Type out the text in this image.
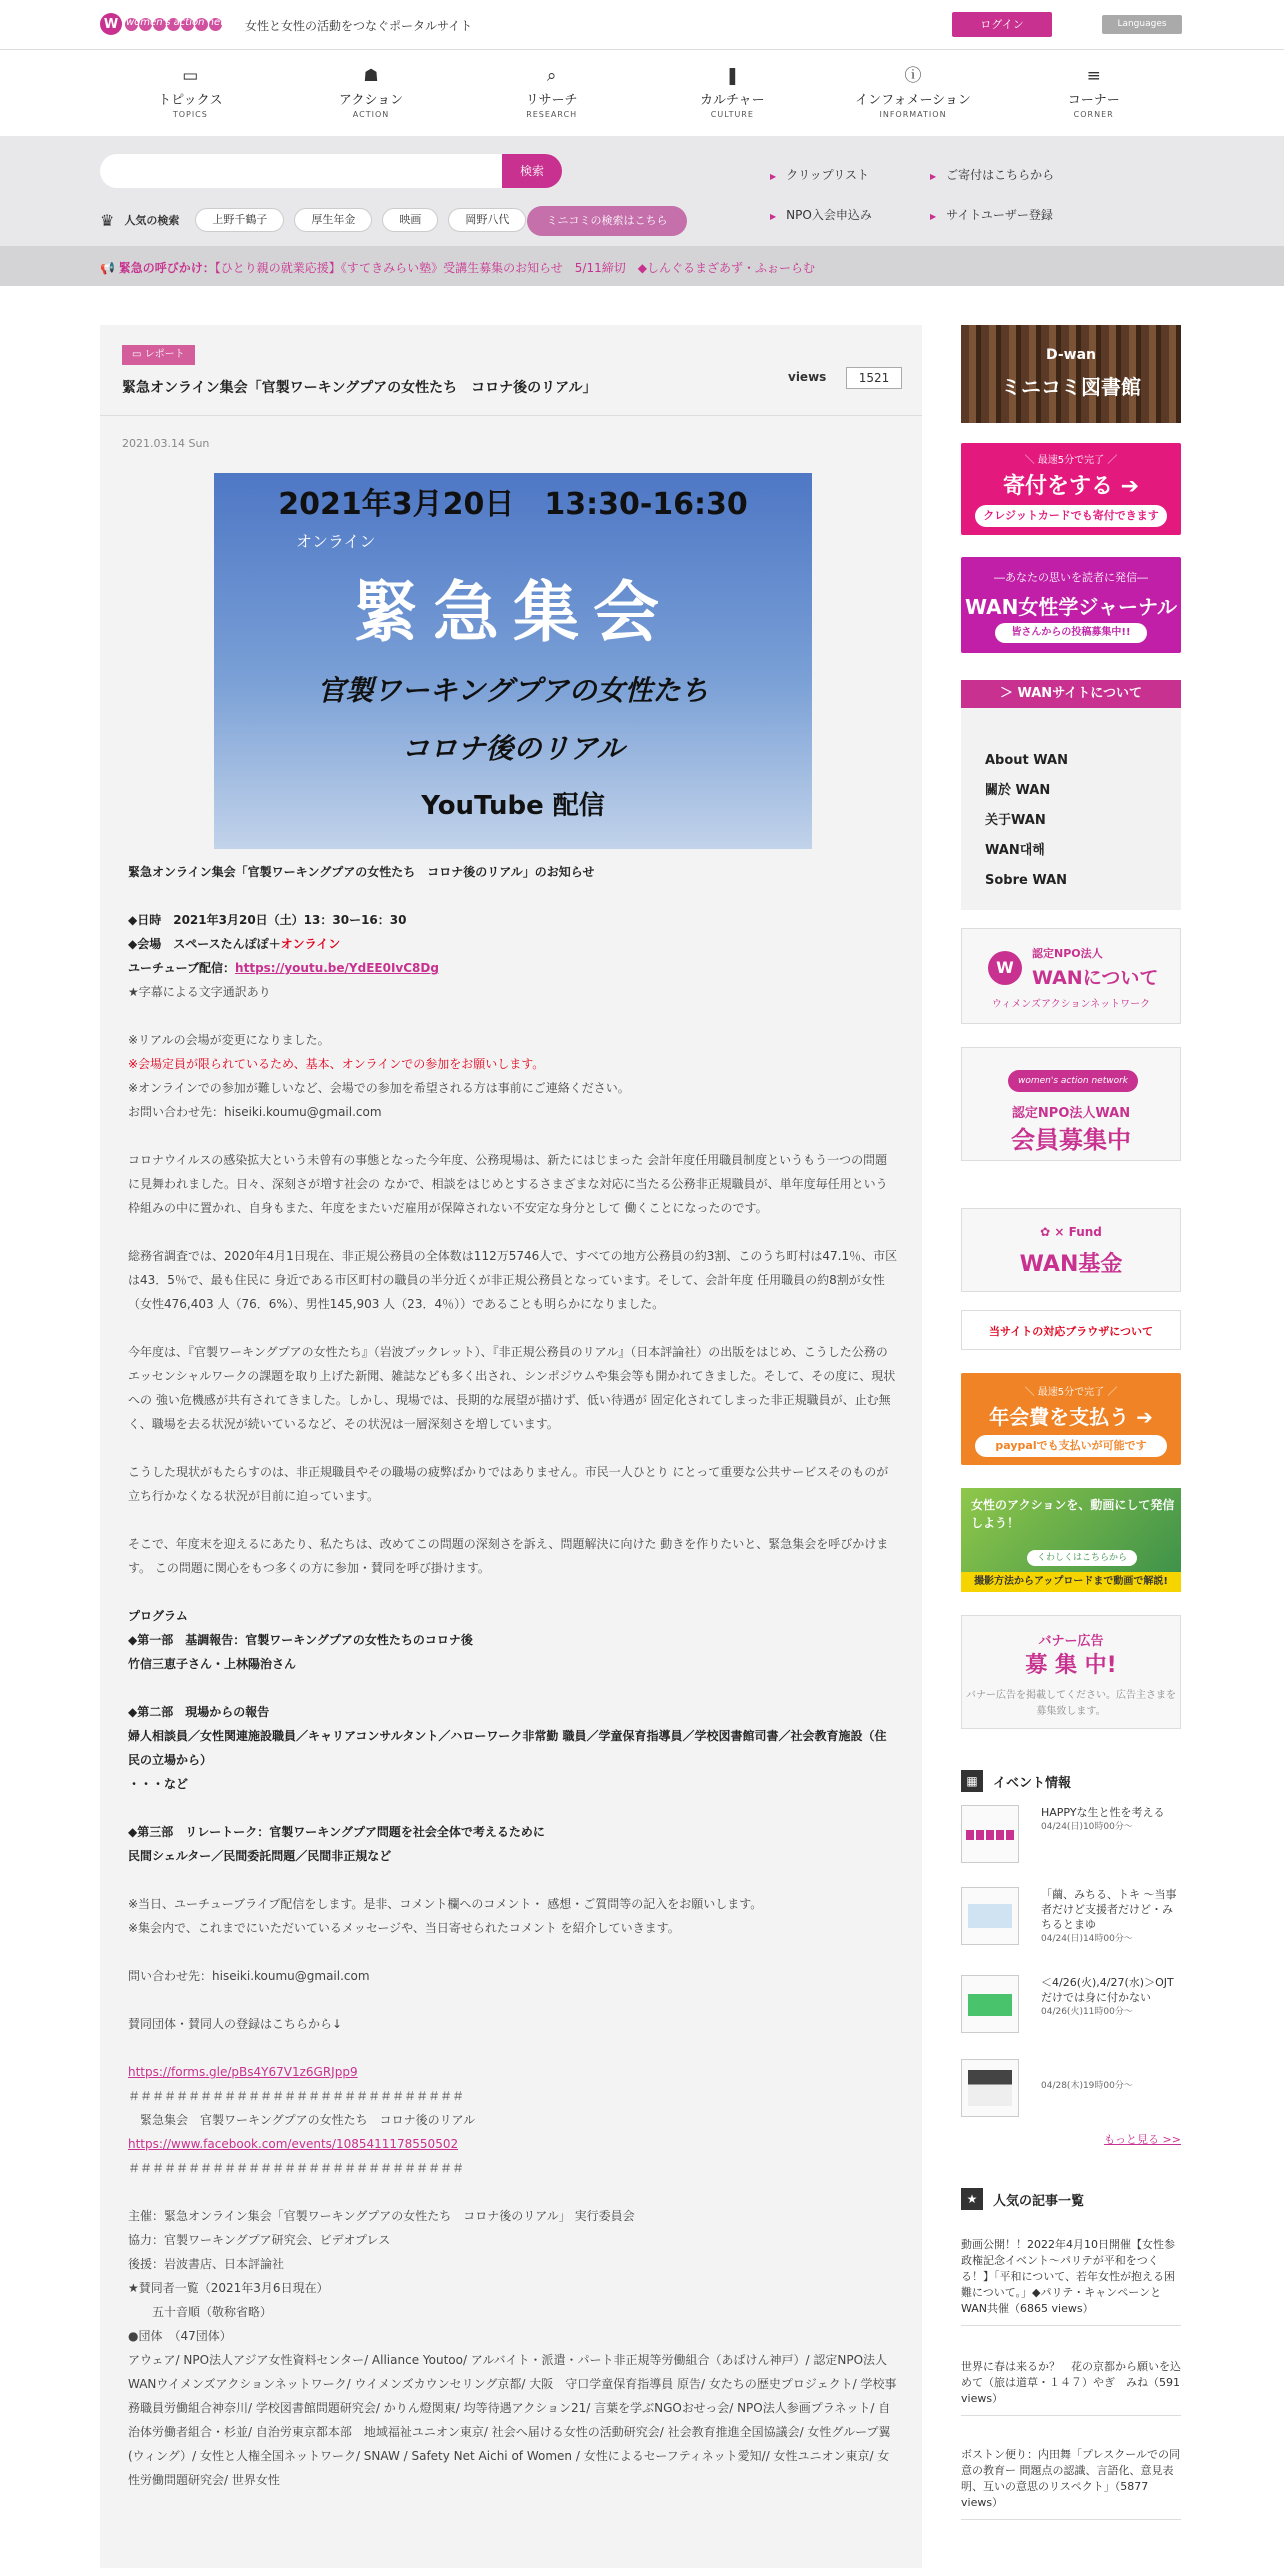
W women's action network
女性と女性の活動をつなぐポータルサイト	ログイン	Languages
▭
トピックス
TOPICS
☗
アクション
ACTION
⌕
リサーチ
RESEARCH
❚
カルチャー
CULTURE
ⓘ
インフォメーション
INFORMATION
≡
コーナー
CORNER
検索
♛ 人気の検索	上野千鶴子	厚生年金	映画	岡野八代	ミニコミの検索はこちら
▶ クリップリスト	▶ ご寄付はこちらから
▶ NPO入会申込み	▶ サイトユーザー登録
📢 緊急の呼びかけ：【ひとり親の就業応援】《すてきみらい塾》受講生募集のお知らせ　5/11締切　◆しんぐるまざあず・ふぉーらむ
▭ レポート
緊急オンライン集会「官製ワーキングプアの女性たち　コロナ後のリアル」
views	1521
2021.03.14 Sun
2021年3月20日　13:30-16:30
オンライン
緊急集会
官製ワーキングプアの女性たち
コロナ後のリアル
YouTube 配信

緊急オンライン集会「官製ワーキングプアの女性たち　コロナ後のリアル」のお知らせ

◆日時　2021年3月20日（土）13：30ー16：30

◆会場　スペースたんぽぽ＋オンライン

ユーチューブ配信：https://youtu.be/YdEE0IvC8Dg

★字幕による文字通訳あり

※リアルの会場が変更になりました。

※会場定員が限られているため、基本、オンラインでの参加をお願いします。

※オンラインでの参加が難しいなど、会場での参加を希望される方は事前にご連絡ください。

お問い合わせ先：hiseiki.koumu@gmail.com

コロナウイルスの感染拡大という未曾有の事態となった今年度、公務現場は、新たにはじまった 会計年度任用職員制度というもう一つの問題に見舞われました。日々、深刻さが増す社会の なかで、相談をはじめとするさまざまな対応に当たる公務非正規職員が、単年度毎任用という 枠組みの中に置かれ、自身もまた、年度をまたいだ雇用が保障されない不安定な身分として 働くことになったのです。

総務省調査では、2020年4月1日現在、非正規公務員の全体数は112万5746人で、すべての地方公務員の約3割、このうち町村は47.1％、市区は43．5％で、最も住民に 身近である市区町村の職員の半分近くが非正規公務員となっています。そして、会計年度 任用職員の約8割が女性（女性476,403 人（76．6%）、男性145,903 人（23．4％））であることも明らかになりました。

今年度は、『官製ワーキングプアの女性たち』（岩波ブックレット）、『非正規公務員のリアル』（日本評論社）の出版をはじめ、こうした公務のエッセンシャルワークの課題を取り上げた新聞、雑誌なども多く出され、シンポジウムや集会等も開かれてきました。そして、その度に、現状への 強い危機感が共有されてきました。しかし、現場では、長期的な展望が描けず、低い待遇が 固定化されてしまった非正規職員が、止む無く、職場を去る状況が続いているなど、その状況は一層深刻さを増しています。

こうした現状がもたらすのは、非正規職員やその職場の疲弊ばかりではありません。市民一人ひとり にとって重要な公共サービスそのものが立ち行かなくなる状況が目前に迫っています。

そこで、年度末を迎えるにあたり、私たちは、改めてこの問題の深刻さを訴え、問題解決に向けた 動きを作りたいと、緊急集会を呼びかけます。 この問題に関心をもつ多くの方に参加・賛同を呼び掛けます。

プログラム

◆第一部　基調報告：官製ワーキングプアの女性たちのコロナ後

竹信三恵子さん・上林陽治さん

◆第二部　現場からの報告

婦人相談員／女性関連施設職員／キャリアコンサルタント／ハローワーク非常勤 職員／学童保育指導員／学校図書館司書／社会教育施設（住民の立場から）

・・・など

◆第三部　リレートーク：官製ワーキングプア問題を社会全体で考えるために

民間シェルター／民間委託問題／民間非正規など

※当日、ユーチューブライブ配信をします。是非、コメント欄へのコメント・ 感想・ご質問等の記入をお願いします。

※集会内で、これまでにいただいているメッセージや、当日寄せられたコメント を紹介していきます。

問い合わせ先：hiseiki.koumu@gmail.com

賛同団体・賛同人の登録はこちらから↓

https://forms.gle/pBs4Y67V1z6GRJpp9

＃＃＃＃＃＃＃＃＃＃＃＃＃＃＃＃＃＃＃＃＃＃＃＃＃＃＃＃

　緊急集会　官製ワーキングプアの女性たち　コロナ後のリアル

https://www.facebook.com/events/1085411178550502

＃＃＃＃＃＃＃＃＃＃＃＃＃＃＃＃＃＃＃＃＃＃＃＃＃＃＃＃

主催：緊急オンライン集会「官製ワーキングプアの女性たち　コロナ後のリアル」 実行委員会

協力：官製ワーキングプア研究会、ビデオプレス

後援：岩波書店、日本評論社

★賛同者一覧（2021年3月6日現在）

　　五十音順（敬称省略）

●団体　（47団体）

アウェア/ NPO法人アジア女性資料センター/ Alliance Youtoo/ アルバイト・派遣・パート非正規等労働組合（あぱけん神戸）/ 認定NPO法人WANウイメンズアクションネットワーク/ ウイメンズカウンセリング京都/ 大阪　守口学童保育指導員 原告/ 女たちの歴史プロジェクト/ 学校事務職員労働組合神奈川/ 学校図書館問題研究会/ かりん燈関東/ 均等待遇アクション21/ 言葉を学ぶNGOおせっ会/ NPO法人参画プラネット/ 自治体労働者組合・杉並/ 自治労東京都本部　地域福祉ユニオン東京/ 社会へ届ける女性の活動研究会/ 社会教育推進全国協議会/ 女性グループ翼(ウィング）/ 女性と人権全国ネットワーク/ SNAW / Safety Net Aichi of Women / 女性によるセーフティネット愛知// 女性ユニオン東京/ 女性労働問題研究会/ 世界女性

D-wan
ミニコミ図書館
＼ 最速5分で完了 ／
寄付をする ➔
クレジットカードでも寄付できます
―あなたの思いを読者に発信―
WAN女性学ジャーナル
皆さんからの投稿募集中!!
＞ WANサイトについて
About WAN
關於 WAN
关于WAN
WAN대해
Sobre WAN
W
認定NPO法人
WANについて
ウィメンズアクションネットワーク
women's action network
認定NPO法人WAN
会員募集中
✿ × Fund
WAN基金
当サイトの対応ブラウザについて
＼ 最速5分で完了 ／
年会費を支払う ➔
paypalでも支払いが可能です
女性のアクションを、動画にして発信しよう！
くわしくはこちらから
撮影方法からアップロードまで動画で解説!
バナー広告
募 集 中!
バナー広告を掲載してください。広告主さまを募集致します。
▦	イベント情報
HAPPYな生と性を考える
04/24(日)10時00分〜
「繭、みちる、トキ 〜当事者だけど支援者だけど・みちるとまゆ
04/24(日)14時00分〜
＜4/26(火),4/27(水)＞OJTだけでは身に付かない
04/26(火)11時00分〜
04/28(木)19時00分〜
もっと見る >>
★	人気の記事一覧
動画公開！！2022年4月10日開催【女性参政権記念イベント〜パリテが平和をつくる！】「平和について、若年女性が抱える困難について。」◆パリテ・キャンペーンとWAN共催（6865 views）
世界に春は来るか？　花の京都から願いを込めて（旅は道草・１４７）やぎ　みね（591 views）
ボストン便り：内田舞「プレスクールでの同意の教育ー 問題点の認識、言語化、意見表明、互いの意思のリスペクト」（5877 views）
